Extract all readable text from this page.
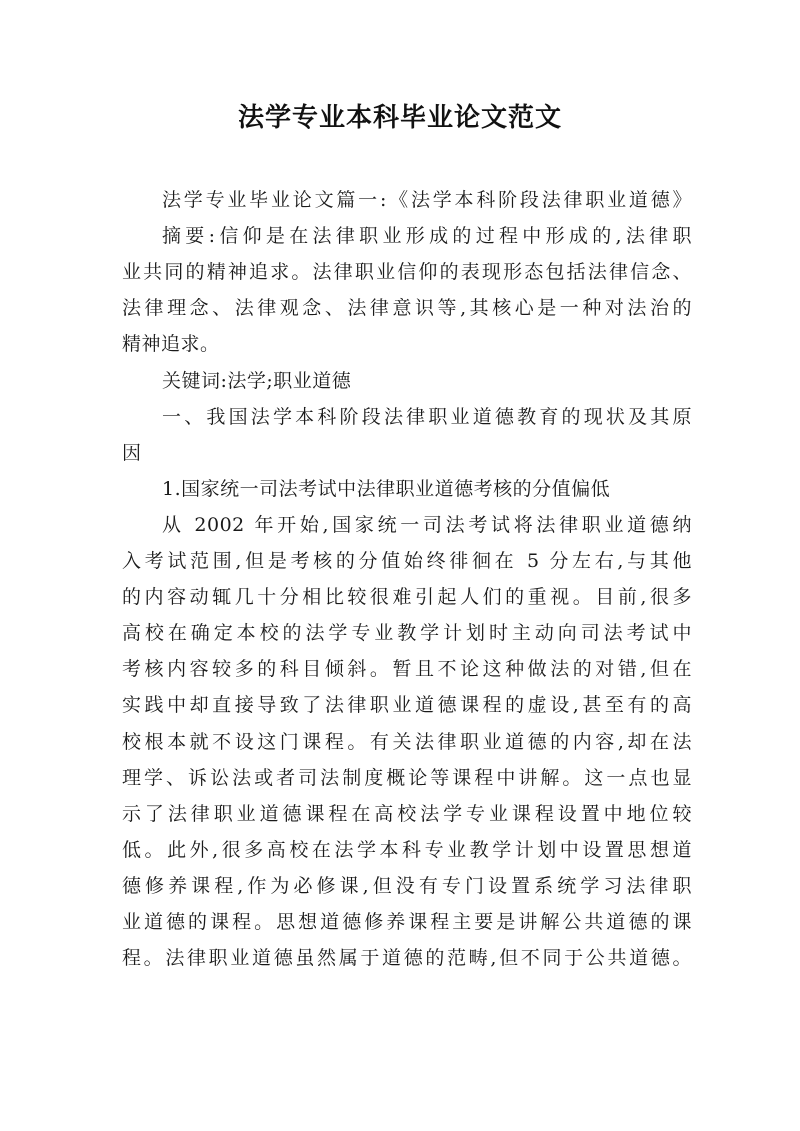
法学专业本科毕业论文范文
法学专业毕业论文篇一:《法学本科阶段法律职业道德》
摘要:信仰是在法律职业形成的过程中形成的,法律职
业共同的精神追求。法律职业信仰的表现形态包括法律信念、
法律理念、法律观念、法律意识等,其核心是一种对法治的
精神追求。
关键词:法学;职业道德
一、我国法学本科阶段法律职业道德教育的现状及其原
因
1.国家统一司法考试中法律职业道德考核的分值偏低
从 2002 年开始,国家统一司法考试将法律职业道德纳
入考试范围,但是考核的分值始终徘徊在 5 分左右,与其他
的内容动辄几十分相比较很难引起人们的重视。目前,很多
高校在确定本校的法学专业教学计划时主动向司法考试中
考核内容较多的科目倾斜。暂且不论这种做法的对错,但在
实践中却直接导致了法律职业道德课程的虚设,甚至有的高
校根本就不设这门课程。有关法律职业道德的内容,却在法
理学、诉讼法或者司法制度概论等课程中讲解。这一点也显
示了法律职业道德课程在高校法学专业课程设置中地位较
低。此外,很多高校在法学本科专业教学计划中设置思想道
德修养课程,作为必修课,但没有专门设置系统学习法律职
业道德的课程。思想道德修养课程主要是讲解公共道德的课
程。法律职业道德虽然属于道德的范畴,但不同于公共道德。
